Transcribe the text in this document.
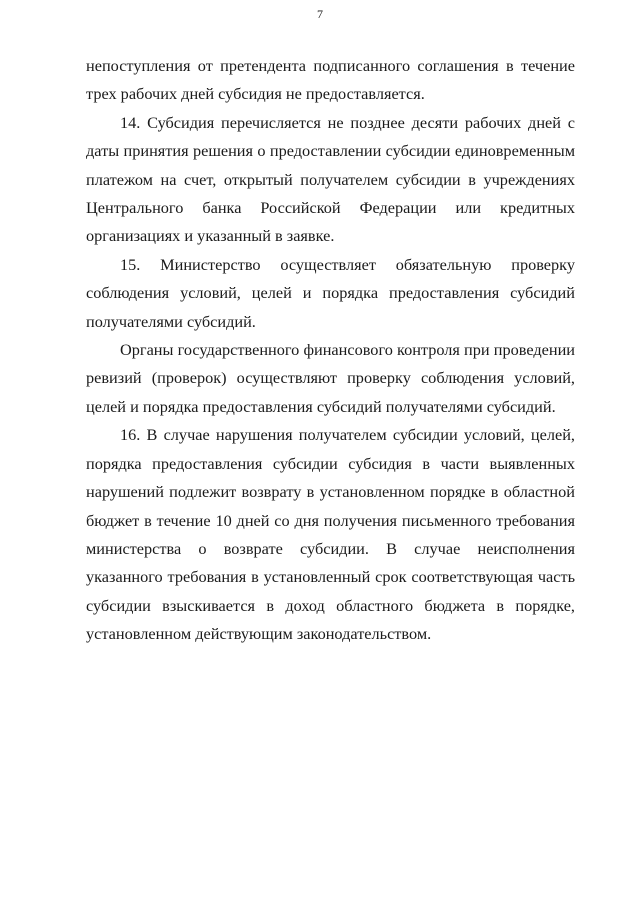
7

непоступления от претендента подписанного соглашения в течение трех рабочих дней субсидия не предоставляется.

14. Субсидия перечисляется не позднее десяти рабочих дней с даты принятия решения о предоставлении субсидии единовременным платежом на счет, открытый получателем субсидии в учреждениях Центрального банка Российской Федерации или кредитных организациях и указанный в заявке.

15. Министерство осуществляет обязательную проверку соблюдения условий, целей и порядка предоставления субсидий получателями субсидий.

Органы государственного финансового контроля при проведении ревизий (проверок) осуществляют проверку соблюдения условий, целей и порядка предоставления субсидий получателями субсидий.

16. В случае нарушения получателем субсидии условий, целей, порядка предоставления субсидии субсидия в части выявленных нарушений подлежит возврату в установленном порядке в областной бюджет в течение 10 дней со дня получения письменного требования министерства о возврате субсидии. В случае неисполнения указанного требования в установленный срок соответствующая часть субсидии взыскивается в доход областного бюджета в порядке, установленном действующим законодательством.
